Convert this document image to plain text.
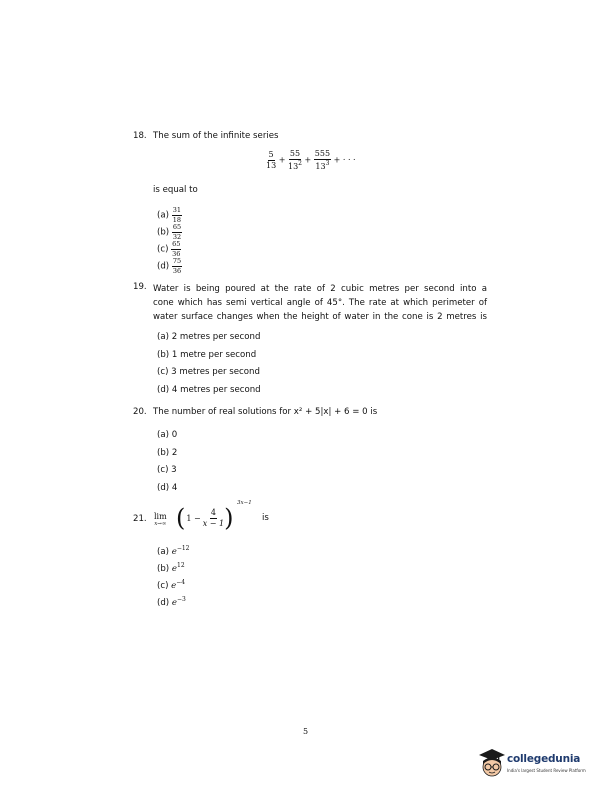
18. The sum of the infinite series
$\frac{5}{13} + \frac{55}{13^2} + \frac{555}{13^3}$ + · · ·
is equal to
$(a) \frac{31}{18}$
$(b) \frac{65}{32}$
$(c) \frac{65}{36}$
$(d) \frac{75}{36}$
19. Water is being poured at the rate of 2 cubic metres per second into a
cone which has semi vertical angle of 45°. The rate at which perimeter of
water surface changes when the height of water in the cone is 2 metres is
(a) 2 metres per second
(b) 1 metre per second
(c) 3 metres per second
(d) 4 metres per second
20. The number of real solutions for x² + 5|x| + 6 = 0 is
(a) 0
(b) 2
(c) 3
(d) 4
21. lim
x→∞ ( $1 - \frac{4}{x - 1}$ )
3x−1
is
(a) $e^{-12}$
(b) $e^{12}$
(c) $e^{-4}$
(d) $e^{-3}$
5
collegedunia
India's largest Student Review Platform
